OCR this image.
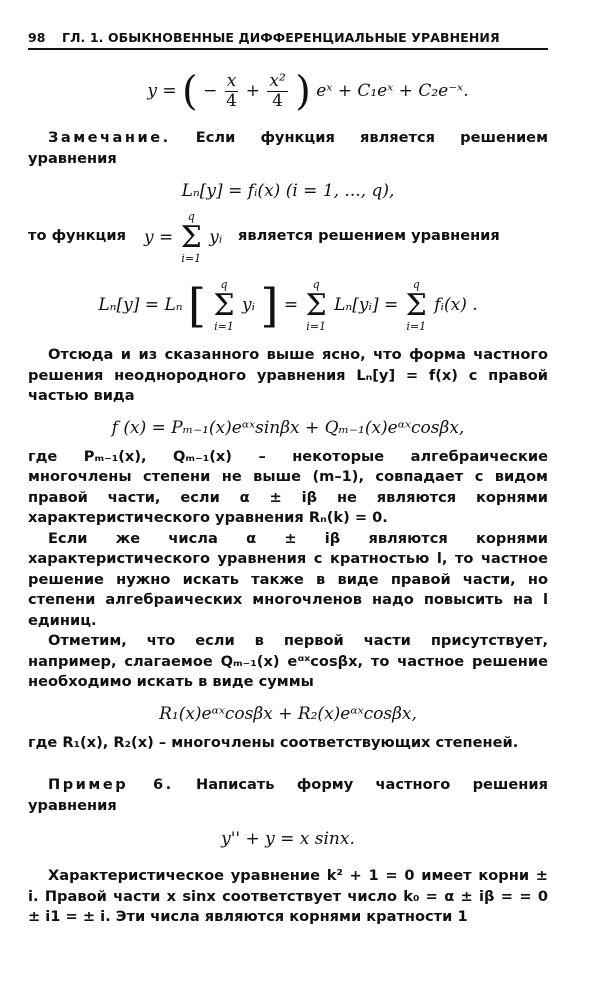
98 ГЛ. 1. ОБЫКНОВЕННЫЕ ДИФФЕРЕНЦИАЛЬНЫЕ УРАВНЕНИЯ
y = ( − $\frac{x}{4} + \frac{\text{x²}}{4}$ ) eˣ + C₁eˣ + C₂e⁻ˣ.

Замечание. Если функция является решением уравнения

Lₙ[y] = fᵢ(x) (i = 1, ..., q),
то функция y = q
Σ
i=1 yᵢ является решением уравнения
Lₙ[y] = Lₙ [ q
Σ
i=1 yᵢ ] = q
Σ
i=1 Lₙ[yᵢ] = q
Σ
i=1 fᵢ(x) .

Отсюда и из сказанного выше ясно, что форма частного решения неоднородного уравнения Lₙ[y] = f(x) с правой частью вида

f (x) = Pₘ₋₁(x)eᵅˣsinβx + Qₘ₋₁(x)eᵅˣcosβx,

где Pₘ₋₁(x), Qₘ₋₁(x) – некоторые алгебраические многочлены степени не выше (m–1), совпадает с видом правой части, если α ± iβ не являются корнями характеристического уравнения Rₙ(k) = 0.

Если же числа α ± iβ являются корнями характеристического уравнения с кратностью l, то частное решение нужно искать также в виде правой части, но степени алгебраических многочленов надо повысить на l единиц.

Отметим, что если в первой части присутствует, например, слагаемое Qₘ₋₁(x) eᵅˣcosβx, то частное решение необходимо искать в виде суммы

R₁(x)eᵅˣcosβx + R₂(x)eᵅˣcosβx,

где R₁(x), R₂(x) – многочлены соответствующих степеней.

Пример 6. Написать форму частного решения уравнения

y'' + y = x sinx.

Характеристическое уравнение k² + 1 = 0 имеет корни ± i. Правой части x sinx соответствует число k₀ = α ± iβ = = 0 ± i1 = ± i. Эти числа являются корнями кратности 1
